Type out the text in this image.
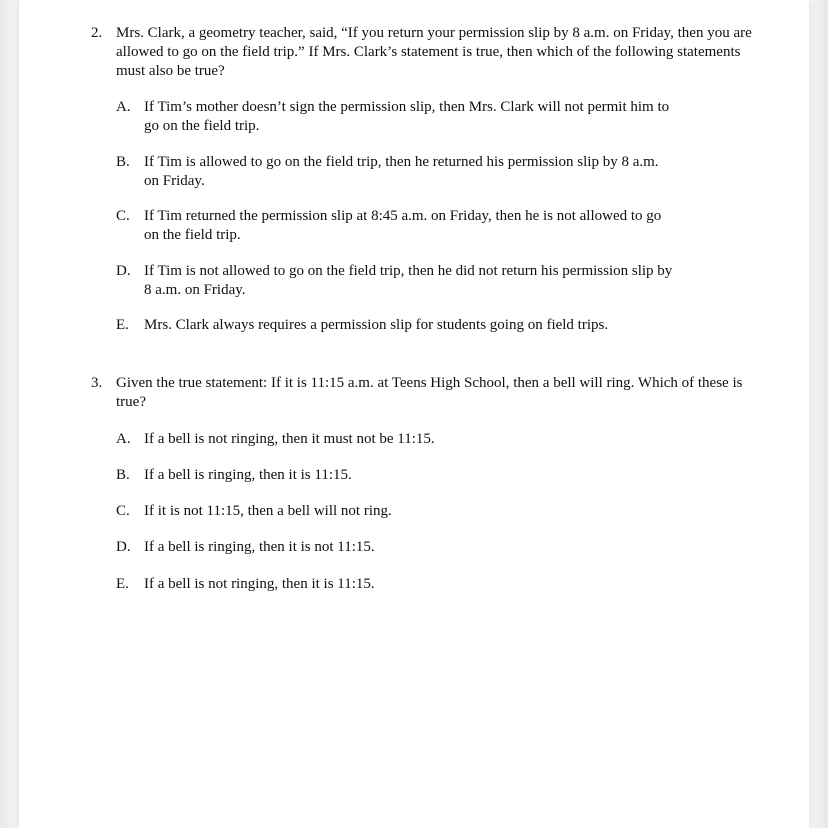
2. Mrs. Clark, a geometry teacher, said, “If you return your permission slip by 8 a.m. on Friday, then you are allowed to go on the field trip.” If Mrs. Clark’s statement is true, then which of the following statements must also be true?
A. If Tim’s mother doesn’t sign the permission slip, then Mrs. Clark will not permit him to go on the field trip.
B. If Tim is allowed to go on the field trip, then he returned his permission slip by 8 a.m. on Friday.
C. If Tim returned the permission slip at 8:45 a.m. on Friday, then he is not allowed to go on the field trip.
D. If Tim is not allowed to go on the field trip, then he did not return his permission slip by 8 a.m. on Friday.
E. Mrs. Clark always requires a permission slip for students going on field trips.
3. Given the true statement: If it is 11:15 a.m. at Teens High School, then a bell will ring. Which of these is true?
A. If a bell is not ringing, then it must not be 11:15.
B. If a bell is ringing, then it is 11:15.
C. If it is not 11:15, then a bell will not ring.
D. If a bell is ringing, then it is not 11:15.
E. If a bell is not ringing, then it is 11:15.
